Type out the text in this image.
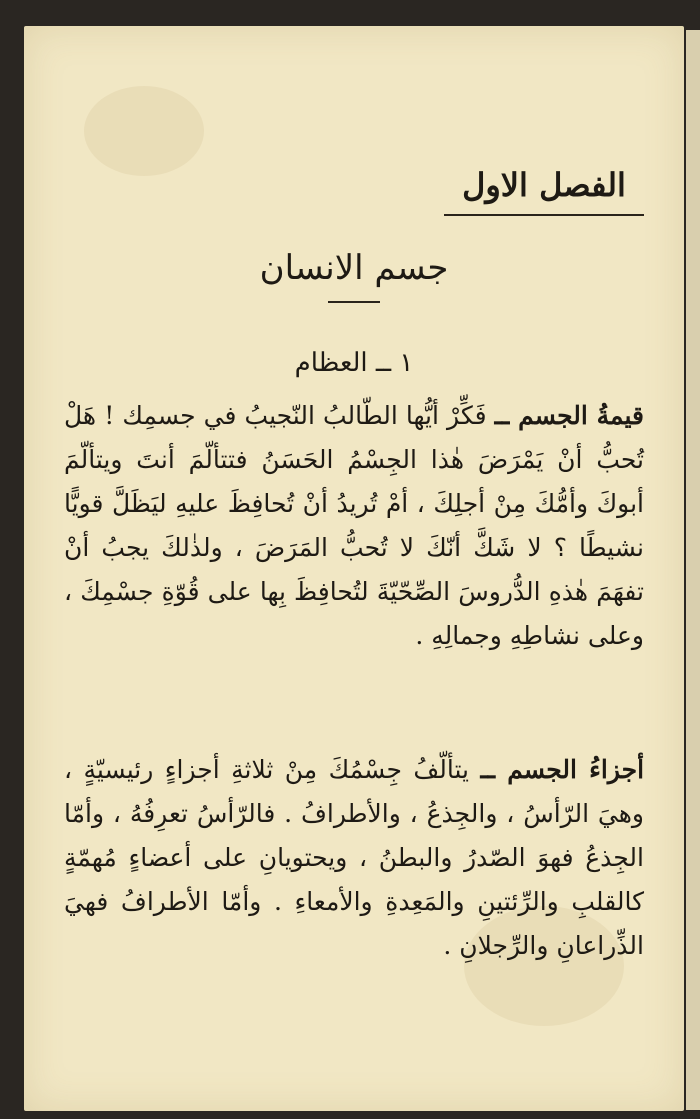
الفصل الاول
جسم الانسان
١ ــ العظام
قيمةُ الجسم ــ فَكِّرْ أيُّها الطّالبُ النّجيبُ في جسمِك ! هَلْ تُحبُّ أنْ يَمْرَضَ هٰذا الجِسْمُ الحَسَنُ فتتألّمَ أنتَ ويتألّمَ أبوكَ وأمُّكَ مِنْ أجلِكَ ، أمْ تُريدُ أنْ تُحافِظَ عليهِ ليَظَلَّ قويًّا نشيطًا ؟ لا شَكَّ أنّكَ لا تُحبُّ المَرَضَ ، ولذٰلكَ يجبُ أنْ تفهَمَ هٰذهِ الدُّروسَ الصِّحّيّةَ لتُحافِظَ بِها على قُوّةِ جسْمِكَ ، وعلى نشاطِهِ وجمالِهِ .
أجزاءُ الجسم ــ يتألّفُ جِسْمُكَ مِنْ ثلاثةِ أجزاءٍ رئيسيّةٍ ، وهيَ الرّأسُ ، والجِذعُ ، والأطرافُ . فالرّأسُ تعرِفُهُ ، وأمّا الجِذعُ فهوَ الصّدرُ والبطنُ ، ويحتويانِ على أعضاءٍ مُهمّةٍ كالقلبِ والرِّئتينِ والمَعِدةِ والأمعاءِ . وأمّا الأطرافُ فهيَ الذِّراعانِ والرِّجلانِ .
